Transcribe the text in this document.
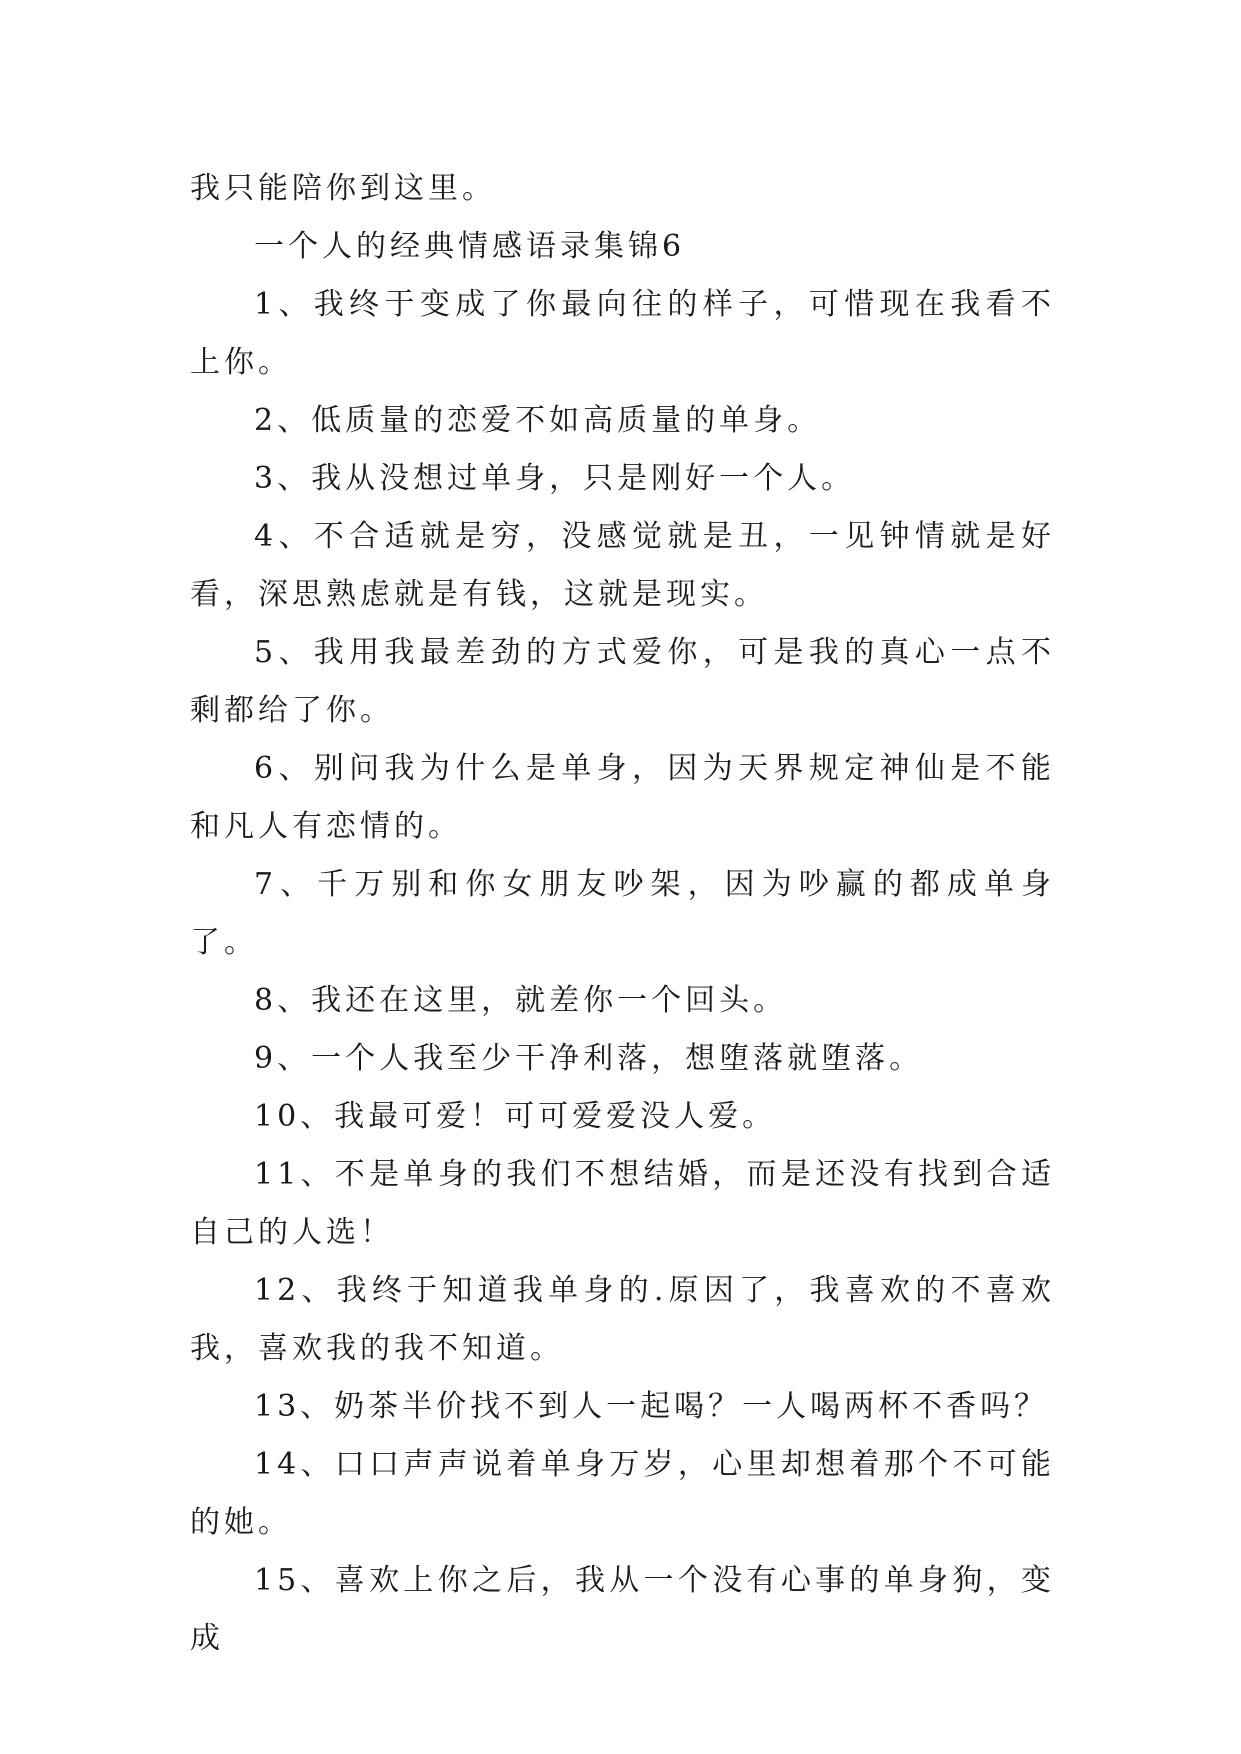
我只能陪你到这里。

一个人的经典情感语录集锦6

1、我终于变成了你最向往的样子，可惜现在我看不上你。

2、低质量的恋爱不如高质量的单身。

3、我从没想过单身，只是刚好一个人。

4、不合适就是穷，没感觉就是丑，一见钟情就是好看，深思熟虑就是有钱，这就是现实。

5、我用我最差劲的方式爱你，可是我的真心一点不剩都给了你。

6、别问我为什么是单身，因为天界规定神仙是不能和凡人有恋情的。

7、千万别和你女朋友吵架，因为吵赢的都成单身了。

8、我还在这里，就差你一个回头。

9、一个人我至少干净利落，想堕落就堕落。

10、我最可爱！可可爱爱没人爱。

11、不是单身的我们不想结婚，而是还没有找到合适自己的人选！

12、我终于知道我单身的.原因了，我喜欢的不喜欢我，喜欢我的我不知道。

13、奶茶半价找不到人一起喝？一人喝两杯不香吗？

14、口口声声说着单身万岁，心里却想着那个不可能的她。

15、喜欢上你之后，我从一个没有心事的单身狗，变成
